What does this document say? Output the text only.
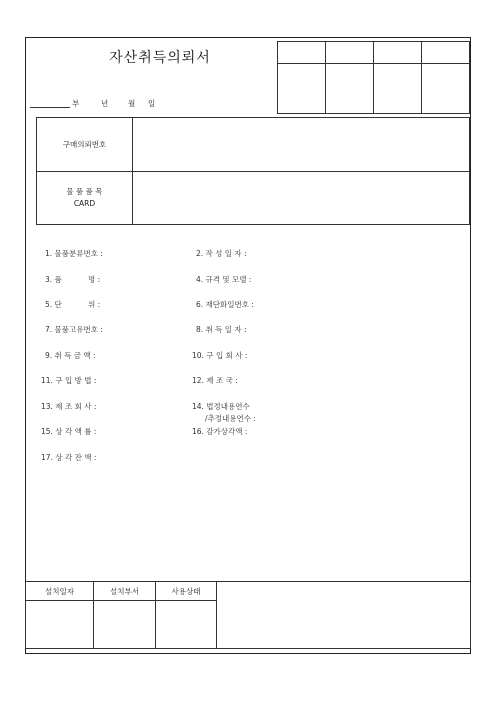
자산취득의뢰서

부	년	월 일
구매의뢰번호	

물 품 품 목
CARD	

1. 물품분류번호 :	2. 작 성 일 자 :
3. 품           명 :	4. 규격 및 모델 :
5. 단           위 :	6. 재단화일번호 :
7. 물품고유번호 :	8. 취 득 일 자 :
9. 취 득 금 액 :	10. 구 입 회 사 :
11. 구 입 방 법 :	12. 제 조 국 :
13. 제 조 회 사 :	14. 법정내용연수
/추정내용연수 :
15. 상 각 액 률 :	16. 감가상각액 :
17. 상 각 잔 액 :
설치일자	설치부서	사용상태	
